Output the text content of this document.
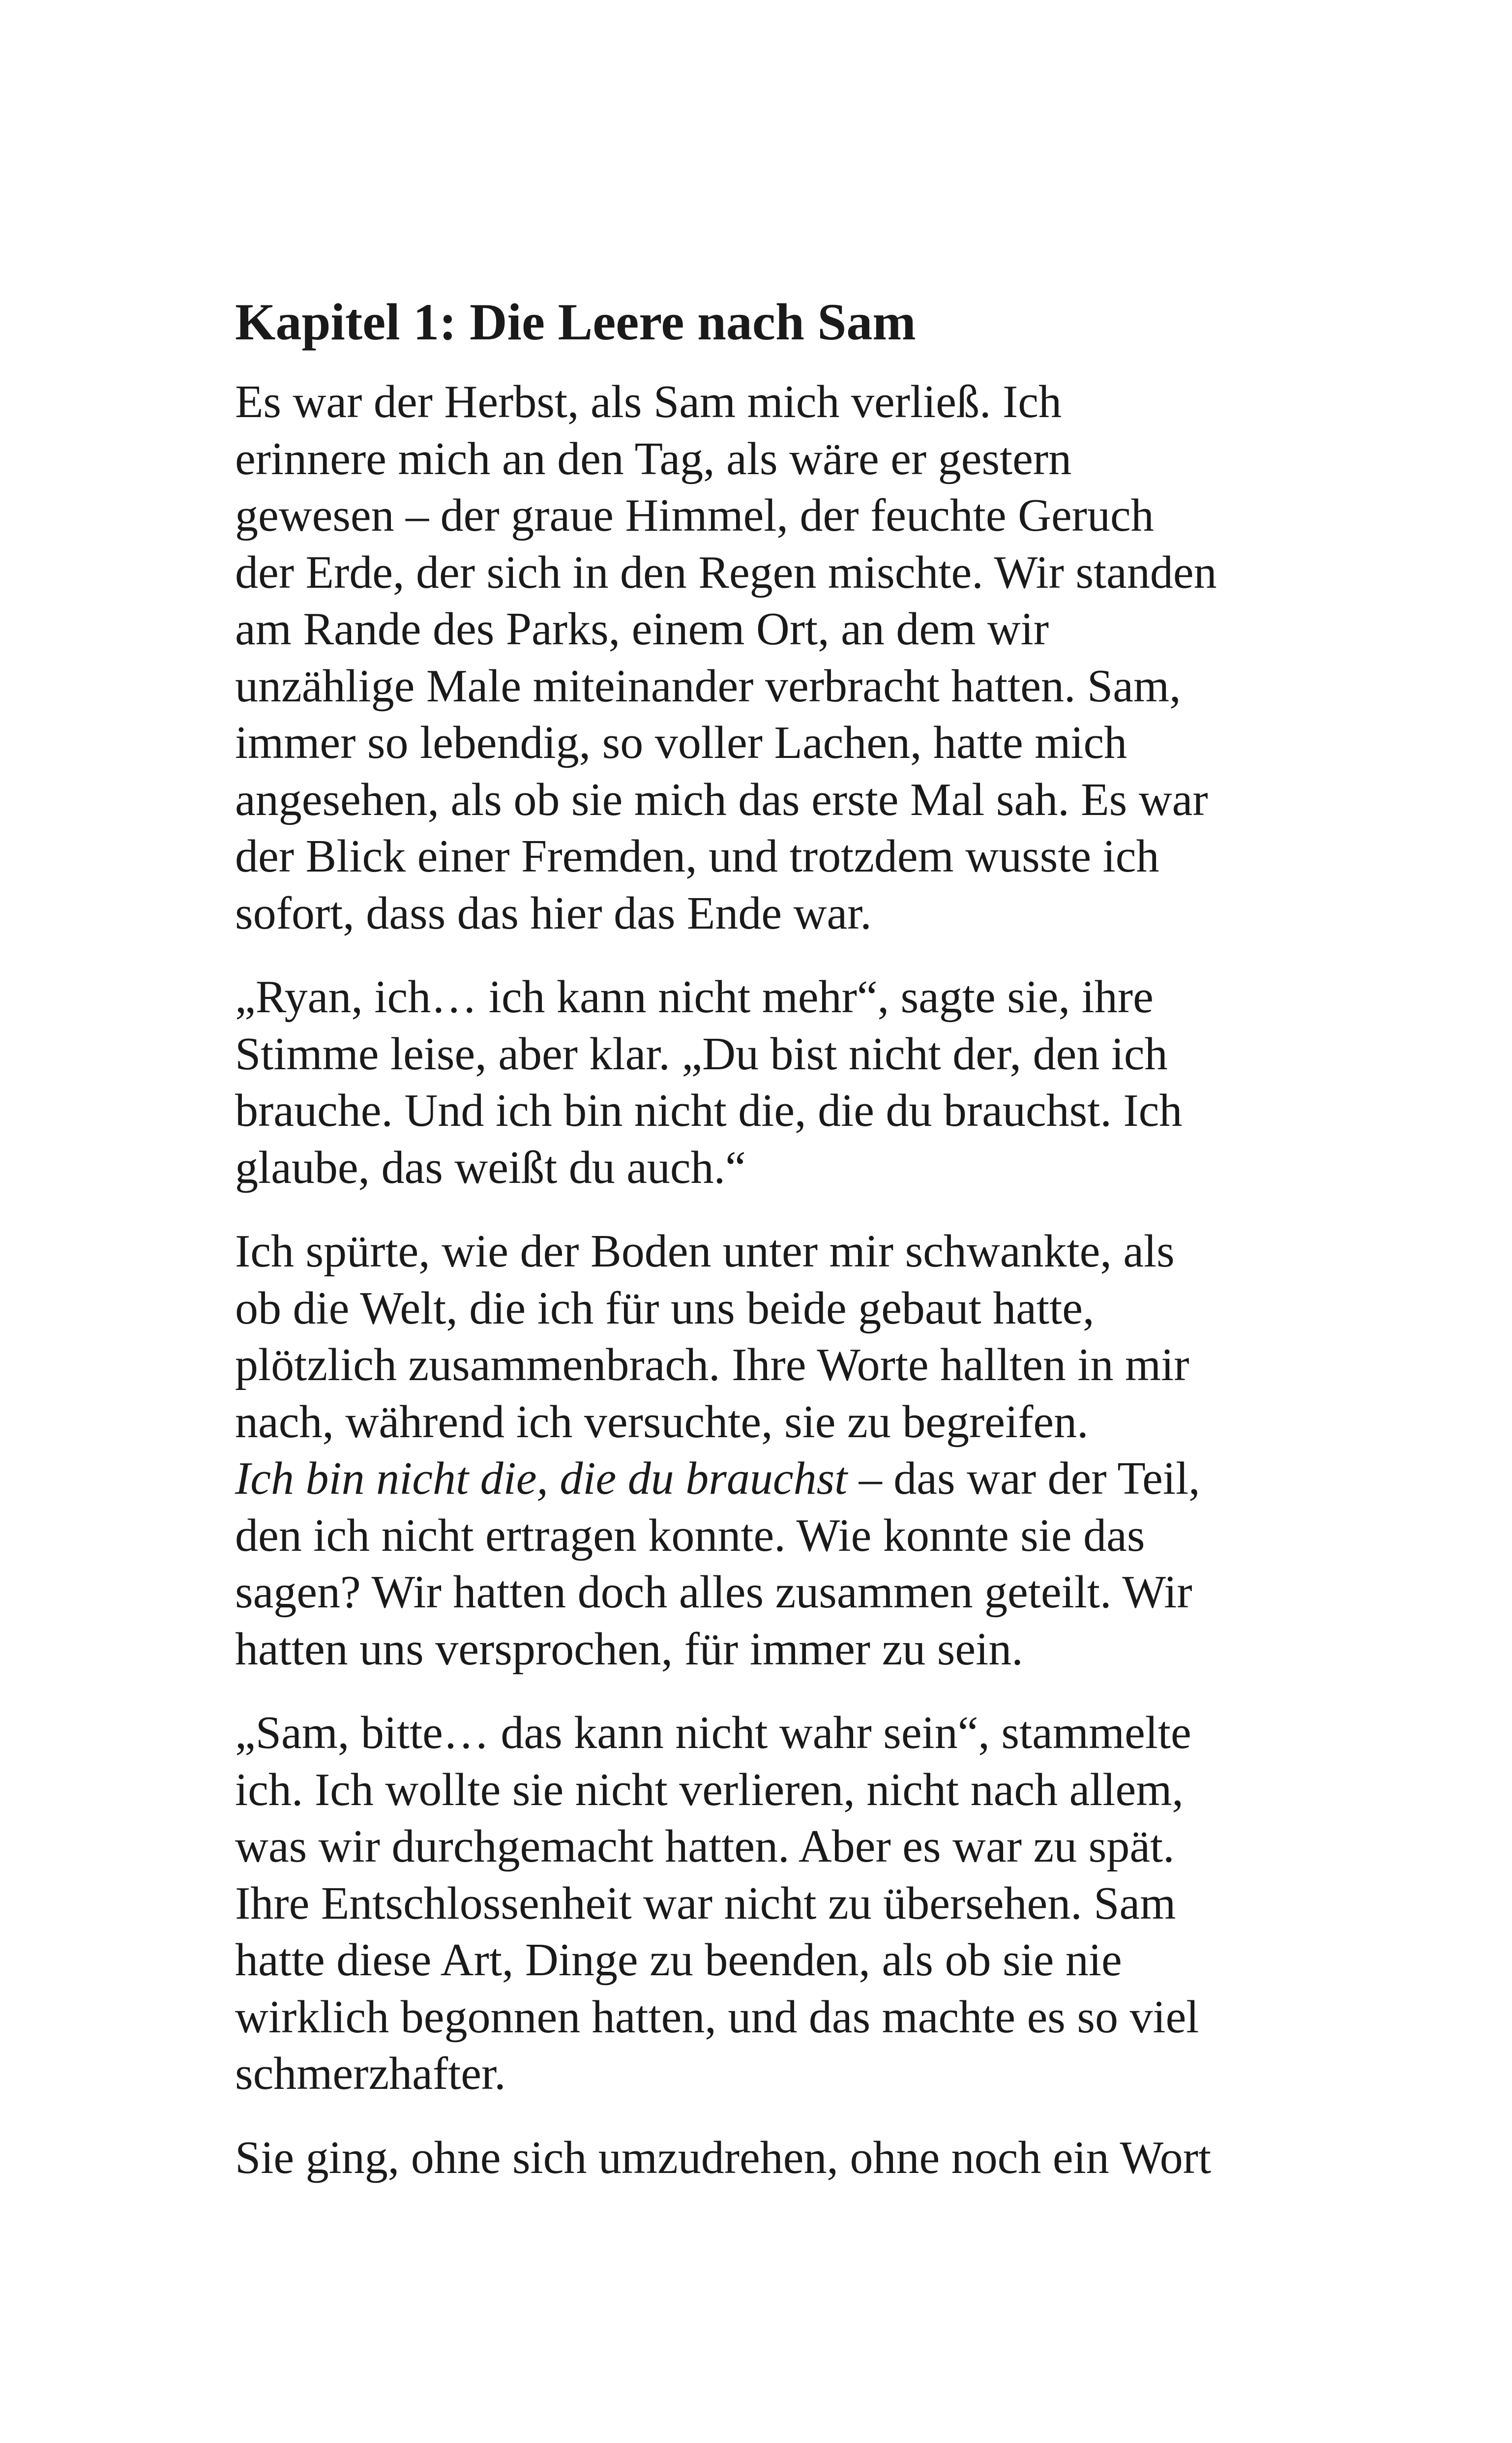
Kapitel 1: Die Leere nach Sam
Es war der Herbst, als Sam mich verließ. Ich
erinnere mich an den Tag, als wäre er gestern
gewesen – der graue Himmel, der feuchte Geruch
der Erde, der sich in den Regen mischte. Wir standen
am Rande des Parks, einem Ort, an dem wir
unzählige Male miteinander verbracht hatten. Sam,
immer so lebendig, so voller Lachen, hatte mich
angesehen, als ob sie mich das erste Mal sah. Es war
der Blick einer Fremden, und trotzdem wusste ich
sofort, dass das hier das Ende war.
„Ryan, ich… ich kann nicht mehr“, sagte sie, ihre
Stimme leise, aber klar. „Du bist nicht der, den ich
brauche. Und ich bin nicht die, die du brauchst. Ich
glaube, das weißt du auch.“
Ich spürte, wie der Boden unter mir schwankte, als
ob die Welt, die ich für uns beide gebaut hatte,
plötzlich zusammenbrach. Ihre Worte hallten in mir
nach, während ich versuchte, sie zu begreifen.
Ich bin nicht die, die du brauchst – das war der Teil,
den ich nicht ertragen konnte. Wie konnte sie das
sagen? Wir hatten doch alles zusammen geteilt. Wir
hatten uns versprochen, für immer zu sein.
„Sam, bitte… das kann nicht wahr sein“, stammelte
ich. Ich wollte sie nicht verlieren, nicht nach allem,
was wir durchgemacht hatten. Aber es war zu spät.
Ihre Entschlossenheit war nicht zu übersehen. Sam
hatte diese Art, Dinge zu beenden, als ob sie nie
wirklich begonnen hatten, und das machte es so viel
schmerzhafter.
Sie ging, ohne sich umzudrehen, ohne noch ein Wort
